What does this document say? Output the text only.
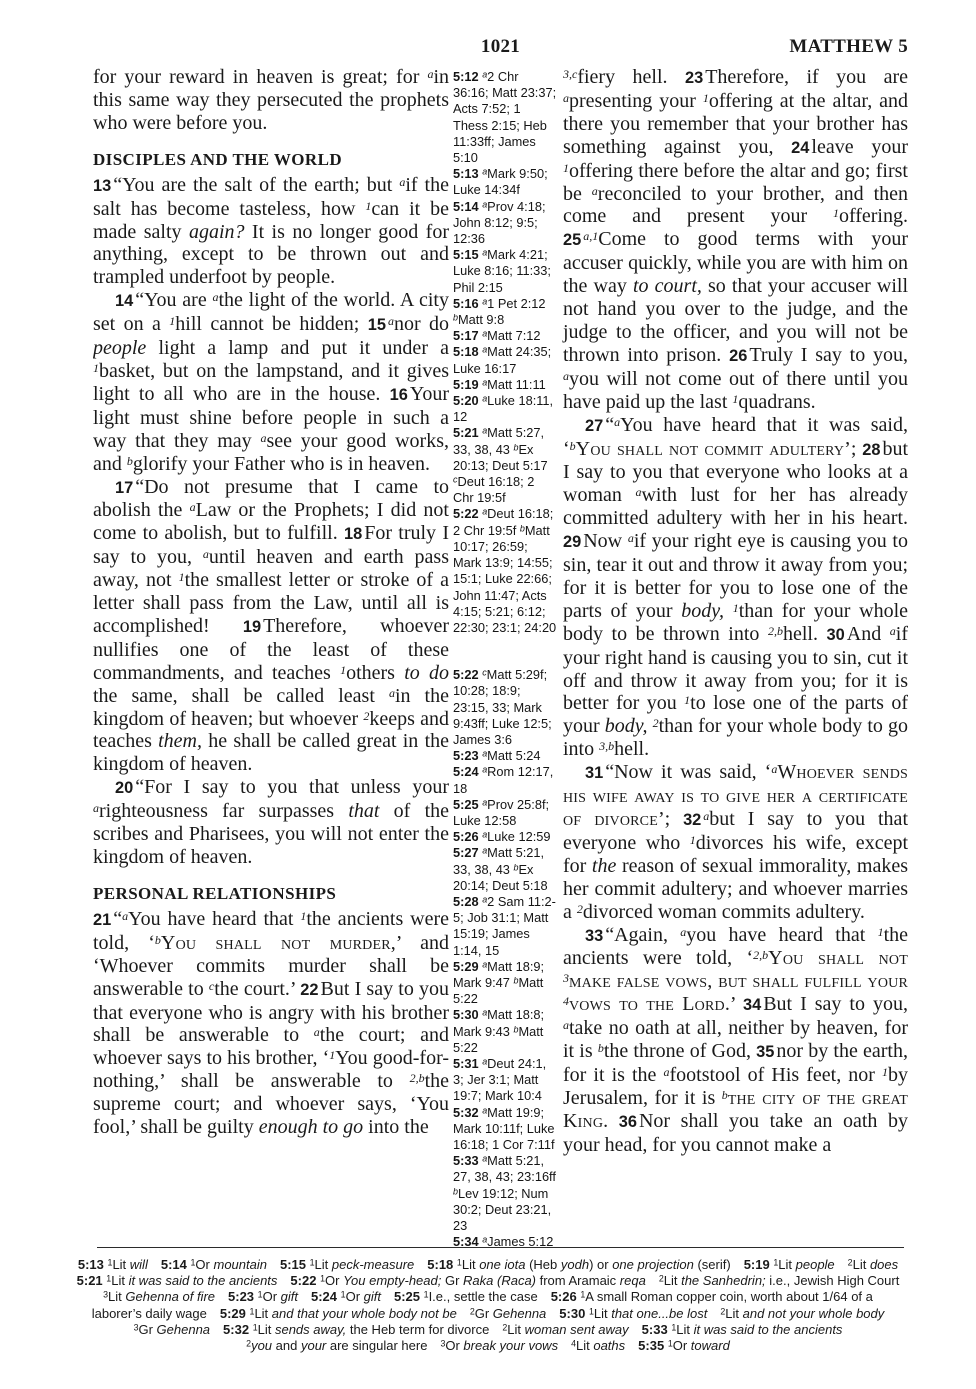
1021	MATTHEW 5
for your reward in heaven is great; for $^a$in this same way they persecuted the prophets who were before you.
DISCIPLES AND THE WORLD
13 “You are the salt of the earth; but $^a$if the salt has become tasteless, how $^1$can it be made salty again? It is no longer good for anything, except to be thrown out and trampled underfoot by people.
14 “You are $^a$the light of the world. A city set on a $^1$hill cannot be hidden; 15 $^a$nor do people light a lamp and put it under a $^1$basket, but on the lampstand, and it gives light to all who are in the house. 16 Your light must shine before people in such a way that they may $^a$see your good works, and $^b$glorify your Father who is in heaven.
17 “Do not presume that I came to abolish the $^a$Law or the Prophets; I did not come to abolish, but to fulfill. 18 For truly I say to you, $^a$until heaven and earth pass away, not $^1$the smallest letter or stroke of a letter shall pass from the Law, until all is accomplished! 19 Therefore, whoever nullifies one of the least of these commandments, and teaches $^1$others to do the same, shall be called least $^a$in the kingdom of heaven; but whoever $^2$keeps and teaches them, he shall be called great in the kingdom of heaven.
20 “For I say to you that unless your $^a$righteousness far surpasses that of the scribes and Pharisees, you will not enter the kingdom of heaven.
PERSONAL RELATIONSHIPS
21 “$^a$You have heard that $^1$the ancients were told, ‘$^b$You shall not murder,’ and ‘Whoever commits murder shall be answerable to $^c$the court.’ 22 But I say to you that everyone who is angry with his brother shall be answerable to $^a$the court; and whoever says to his brother, ‘$^1$You good-for-nothing,’ shall be answerable to $^{2,b}$the supreme court; and whoever says, ‘You fool,’ shall be guilty enough to go into the
5:12 $^a$2 Chr 36:16; Matt 23:37; Acts 7:52; 1 Thess 2:15; Heb 11:33ff; James 5:10
5:13 $^a$Mark 9:50; Luke 14:34f
5:14 $^a$Prov 4:18; John 8:12; 9:5; 12:36
5:15 $^a$Mark 4:21; Luke 8:16; 11:33; Phil 2:15
5:16 $^a$1 Pet 2:12 $^b$Matt 9:8
5:17 $^a$Matt 7:12
5:18 $^a$Matt 24:35; Luke 16:17
5:19 $^a$Matt 11:11
5:20 $^a$Luke 18:11, 12
5:21 $^a$Matt 5:27, 33, 38, 43 $^b$Ex 20:13; Deut 5:17 $^c$Deut 16:18; 2 Chr 19:5f
5:22 $^a$Deut 16:18; 2 Chr 19:5f $^b$Matt 10:17; 26:59; Mark 13:9; 14:55; 15:1; Luke 22:66; John 11:47; Acts 4:15; 5:21; 6:12; 22:30; 23:1; 24:20
5:22 $^c$Matt 5:29f; 10:28; 18:9; 23:15, 33; Mark 9:43ff; Luke 12:5; James 3:6
5:23 $^a$Matt 5:24
5:24 $^a$Rom 12:17, 18
5:25 $^a$Prov 25:8f; Luke 12:58
5:26 $^a$Luke 12:59
5:27 $^a$Matt 5:21, 33, 38, 43 $^b$Ex 20:14; Deut 5:18
5:28 $^a$2 Sam 11:2-5; Job 31:1; Matt 15:19; James 1:14, 15
5:29 $^a$Matt 18:9; Mark 9:47 $^b$Matt 5:22
5:30 $^a$Matt 18:8; Mark 9:43 $^b$Matt 5:22
5:31 $^a$Deut 24:1, 3; Jer 3:1; Matt 19:7; Mark 10:4
5:32 $^a$Matt 19:9; Mark 10:11f; Luke 16:18; 1 Cor 7:11f
5:33 $^a$Matt 5:21, 27, 38, 43; 23:16ff $^b$Lev 19:12; Num 30:2; Deut 23:21, 23
5:34 $^a$James 5:12
$^{3,c}$fiery hell. 23 Therefore, if you are $^a$presenting your $^1$offering at the altar, and there you remember that your brother has something against you, 24 leave your $^1$offering there before the altar and go; first be $^a$reconciled to your brother, and then come and present your $^1$offering. 25 $^{a,1}$Come to good terms with your accuser quickly, while you are with him on the way to court, so that your accuser will not hand you over to the judge, and the judge to the officer, and you will not be thrown into prison. 26 Truly I say to you, $^a$you will not come out of there until you have paid up the last $^1$quadrans.
27 “$^a$You have heard that it was said, ‘$^b$You shall not commit adultery’; 28 but I say to you that everyone who looks at a woman $^a$with lust for her has already committed adultery with her in his heart. 29 Now $^a$if your right eye is causing you to sin, tear it out and throw it away from you; for it is better for you to lose one of the parts of your body, $^1$than for your whole body to be thrown into $^{2,b}$hell. 30 And $^a$if your right hand is causing you to sin, cut it off and throw it away from you; for it is better for you $^1$to lose one of the parts of your body, $^2$than for your whole body to go into $^{3,b}$hell.
31 “Now it was said, ‘$^a$Whoever sends his wife away is to give her a certificate of divorce’; 32 $^a$but I say to you that everyone who $^1$divorces his wife, except for the reason of sexual immorality, makes her commit adultery; and whoever marries a $^2$divorced woman commits adultery.
33 “Again, $^a$you have heard that $^1$the ancients were told, ‘$^{2,b}$You shall not $^3$make false vows, but shall fulfill your $^4$vows to the Lord.’ 34 But I say to you, $^a$take no oath at all, neither by heaven, for it is $^b$the throne of God, 35 nor by the earth, for it is the $^a$footstool of His feet, nor $^1$by Jerusalem, for it is $^b$the city of the great King. 36 Nor shall you take an oath by your head, for you cannot make a
5:13 $^1$Lit will  5:14 $^1$Or mountain  5:15 $^1$Lit peck-measure  5:18 $^1$Lit one iota (Heb yodh) or one projection (serif) 5:19 $^1$Lit people  $^2$Lit does
5:21 $^1$Lit it was said to the ancients  5:22 $^1$Or You empty-head; Gr Raka (Raca) from Aramaic reqa  $^2$Lit the Sanhedrin; i.e., Jewish High Court
$^3$Lit Gehenna of fire  5:23 $^1$Or gift  5:24 $^1$Or gift  5:25 $^1$I.e., settle the case 5:26 $^1$A small Roman copper coin, worth about 1/64 of a
laborer’s daily wage 5:29 $^1$Lit and that your whole body not be  $^2$Gr Gehenna  5:30 $^1$Lit that one...be lost  $^2$Lit and not your whole body
$^3$Gr Gehenna  5:32 $^1$Lit sends away, the Heb term for divorce $^2$Lit woman sent away  5:33 $^1$Lit it was said to the ancients
$^2$you and your are singular here $^3$Or break your vows  $^4$Lit oaths  5:35 $^1$Or toward
